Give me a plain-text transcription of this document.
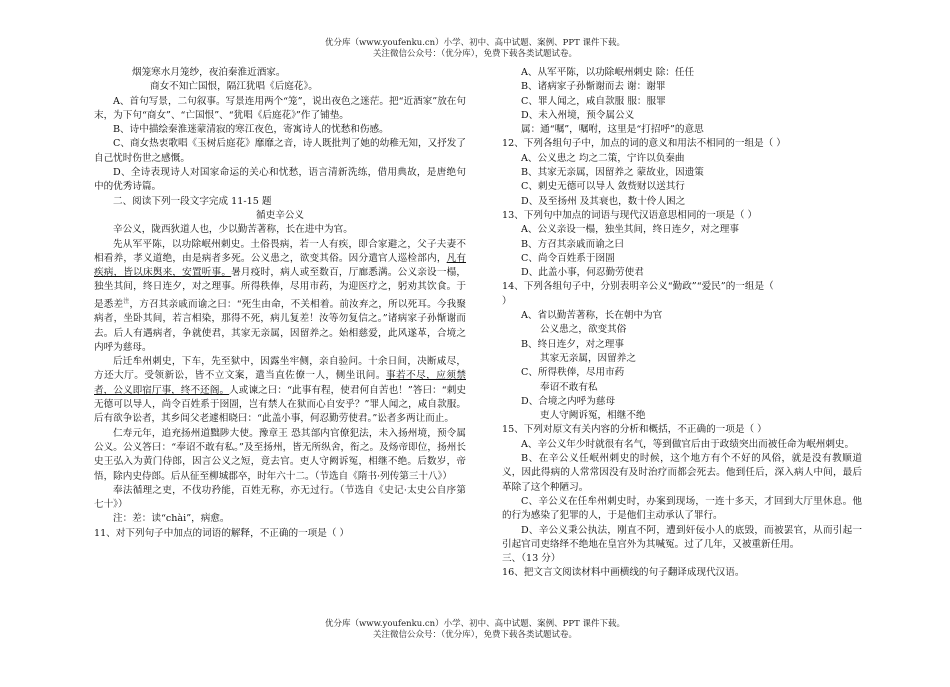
优分库（www.youfenku.cn）小学、初中、高中试题、案例、PPT 课件下载。
关注微信公众号：（优分库），免费下载各类试题试卷。

烟笼寒水月笼纱，夜泊秦淮近酒家。

商女不知亡国恨，隔江犹唱《后庭花》。

A、首句写景，二句叙事。写景连用两个“笼”，说出夜色之迷茫。把“近酒家”放在句末，为下句“商女”、“亡国恨”、“犹唱《后庭花》”作了铺垫。

B、诗中描绘秦淮迷蒙清寂的寒江夜色，寄寓诗人的忧愁和伤感。

C、商女热衷歌唱《玉树后庭花》靡靡之音，诗人既批判了她的幼稚无知，又抒发了自己忧时伤世之感慨。

D、全诗表现诗人对国家命运的关心和忧愁，语言清新洗练，借用典故，是唐绝句中的优秀诗篇。

二、阅读下列一段文字完成 11-15 题

循吏辛公义

辛公义，陇西狄道人也，少以勤苦著称，长在进中为官。

先从军平陈，以功除岷州刺史。土俗畏病，若一人有疾，即合家避之，父子夫妻不相看养，孝义道绝，由是病者多死。公义患之，欲变其俗。因分遣官人巡检部内，凡有疾病，皆以床舆来，安置听事。暑月疫时，病人或至数百，厅廊悉满。公义亲设一榻，独坐其间，终日连夕，对之理事。所得秩俸，尽用市药，为迎医疗之，躬劝其饮食。于是悉差$^注$，方召其亲戚而谕之曰：“死生由命，不关相着。前汝弃之，所以死耳。今我聚病者，坐卧其间，若言相染，那得不死，病儿复差！汝等勿复信之。”诸病家子孙惭谢而去。后人有遇病者，争就使君，其家无亲属，因留养之。始相慈爱，此风遂革，合境之内呼为慈母。

后迁牟州刺史，下车，先至狱中，因露坐牢侧，亲自验问。十余日间，决断咸尽，方还大厅。受领新讼，皆不立文案，遣当直佐僚一人，侧坐讯问。事若不尽，应须禁者，公义即宿厅事，终不还阁。人或谏之曰：“此事有程，使君何自苦也！”答曰：“刺史无德可以导人，尚令百姓系于囹圄，岂有禁人在狱而心自安乎？”罪人闻之，咸自款服。后有欲争讼者，其乡闾父老遽相晓曰：“此盖小事，何忍勤劳使君。”讼者多两让而止。

仁寿元年，追充扬州道黜陟大使。豫章王 恐其部内官僚犯法，未入扬州境，预令属公义。公义答曰：“奉诏不敢有私。”及至扬州，皆无所纵舍，衔之。及炀帝即位，扬州长史王弘入为黄门侍郎，因言公义之短，竟去官。吏人守阙诉冤，相继不绝。后数岁，帝悟，除内史侍郎。后从征至柳城郡卒，时年六十二。（节选自《隋书·列传第三十八》）

奉法循理之吏，不伐功矜能，百姓无称，亦无过行。（节选自《史记·太史公自序第七十》）

注：差：读“chài”，病愈。

11、对下列句子中加点的词语的解释，不正确的一项是（ ）

A、从军平陈，以功除岷州刺史 除：任任

B、诸病家子孙惭谢而去 谢：谢罪

C、罪人闻之，咸自款服 服：服罪

D、未入州境，预令属公义

属：通“嘱”，嘱咐，这里是“打招呼”的意思

12、下列各组句子中，加点的词的意义和用法不相同的一组是（ ）

A、公义患之 均之二策，宁许以负秦曲

B、其家无亲属，因留养之 蒙故业，因遗策

C、刺史无德可以导人 敛赀财以送其行

D、及至扬州 及其衰也，数十伶人困之

13、下列句中加点的词语与现代汉语意思相同的一项是（ ）

A、公义亲设一榻，独坐其间，终日连夕，对之理事

B、方召其亲戚而谕之曰

C、尚令百姓系于囹圄

D、此盖小事，何忍勤劳使君

14、下列各组句子中，分别表明辛公义“勤政”“爱民”的一组是（

）

A、省以勤苦著称，长在朝中为官

公义患之，欲变其俗

B、终日连夕，对之理事

其家无亲属，因留养之

C、所得秩俸，尽用市药

奉诏不敢有私

D、合境之内呼为慈母

吏人守阙诉冤，相继不绝

15、下列对原文有关内容的分析和概括，不正确的一项是（ ）

A、辛公义年少时就很有名气，等到做官后由于政绩突出而被任命为岷州刺史。

B、在辛公义任岷州刺史的时候，这个地方有个不好的风俗，就是没有教顺道义，因此得病的人常常因没有及时治疗而都会死去。他到任后，深入病人中间，最后革除了这个种陋习。

C、辛公义在任牟州刺史时，办案到现场，一连十多天，才回到大厅里休息。他的行为感染了犯罪的人，于是他们主动承认了罪行。

D、辛公义秉公执法，刚直不阿，遭到奸佞小人的底毁，而被罢官，从而引起一引起官司吏络绎不绝地在皇宫外为其喊冤。过了几年，又被重新任用。

三、（13 分）

16、把文言文阅读材料中画横线的句子翻译成现代汉语。

优分库（www.youfenku.cn）小学、初中、高中试题、案例、PPT 课件下载。
关注微信公众号：（优分库），免费下载各类试题试卷。
